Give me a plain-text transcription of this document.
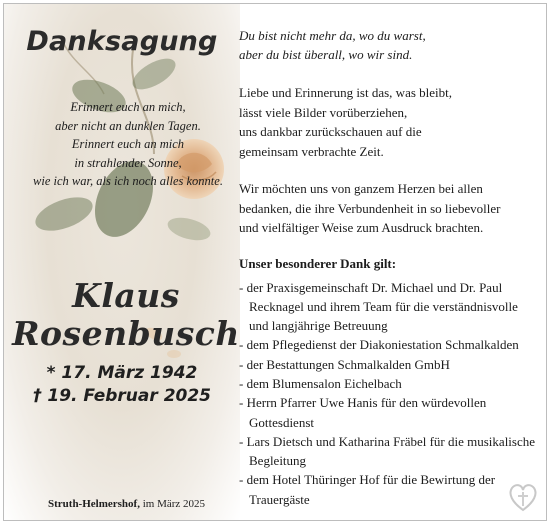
Danksagung
Erinnert euch an mich,
aber nicht an dunklen Tagen.
Erinnert euch an mich
in strahlender Sonne,
wie ich war, als ich noch alles konnte.
Klaus
Rosenbusch
* 17. März 1942
† 19. Februar 2025
Struth-Helmershof, im März 2025

Du bist nicht mehr da, wo du warst,

aber du bist überall, wo wir sind.

Liebe und Erinnerung ist das, was bleibt,

lässt viele Bilder vorüberziehen,

uns dankbar zurückschauen auf die

gemeinsam verbrachte Zeit.

Wir möchten uns von ganzem Herzen bei allen

bedanken, die ihre Verbundenheit in so liebevoller

und vielfältiger Weise zum Ausdruck brachten.

Unser besonderer Dank gilt:

- der Praxisgemeinschaft Dr. Michael und Dr. Paul Recknagel und ihrem Team für die verständnisvolle und langjährige Betreuung
- dem Pflegedienst der Diakoniestation Schmalkalden
- der Bestattungen Schmalkalden GmbH
- dem Blumensalon Eichelbach
- Herrn Pfarrer Uwe Hanis für den würdevollen Gottesdienst
- Lars Dietsch und Katharina Fräbel für die musikalische Begleitung
- dem Hotel Thüringer Hof für die Bewirtung der Trauergäste
